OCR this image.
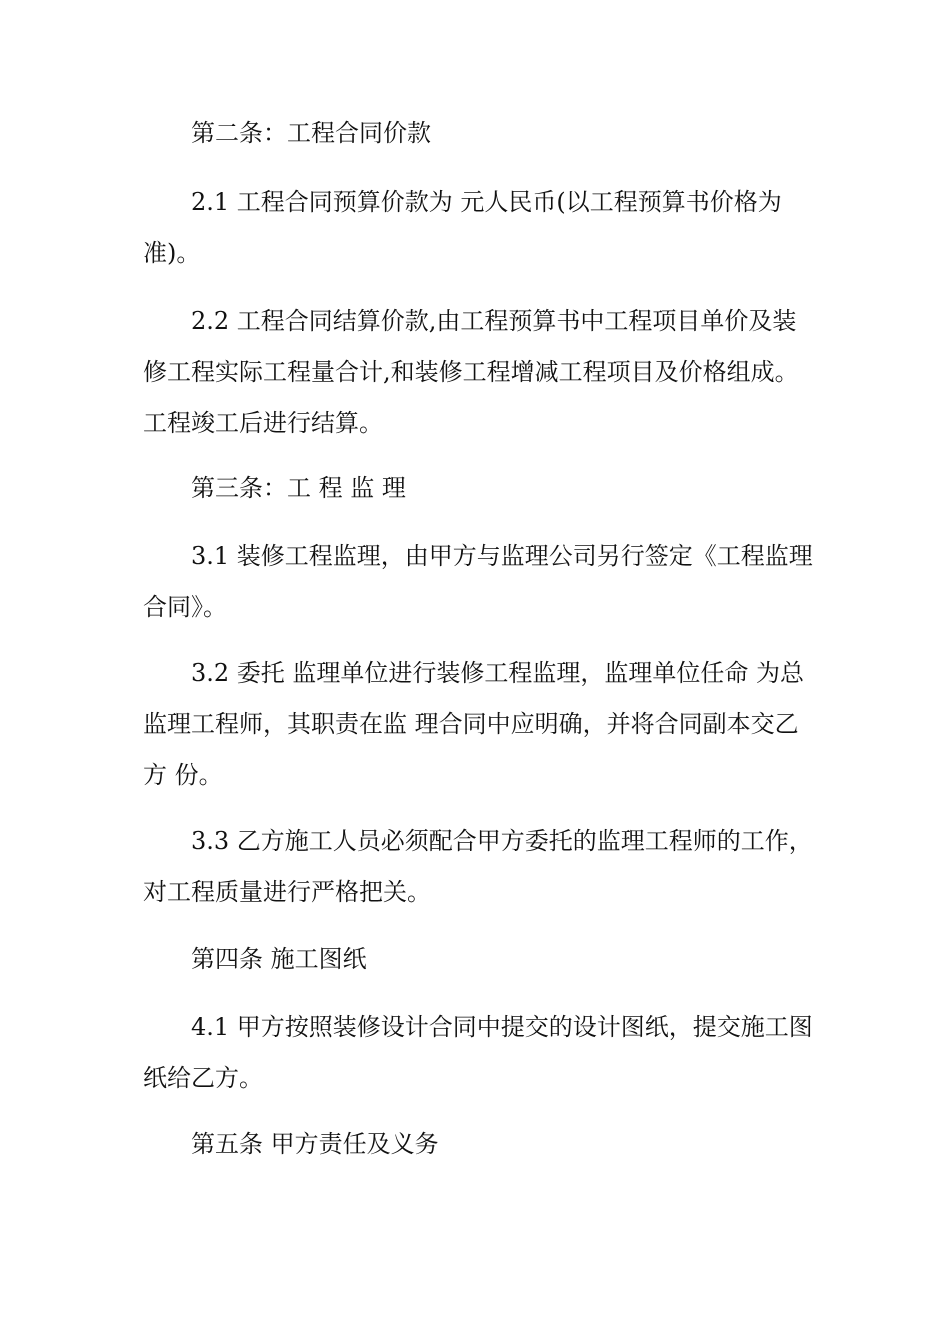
第二条：工程合同价款
2.1 工程合同预算价款为 元人民币(以工程预算书价格为
准)。
2.2 工程合同结算价款,由工程预算书中工程项目单价及装
修工程实际工程量合计,和装修工程增减工程项目及价格组成。
工程竣工后进行结算。
第三条：工 程 监 理
3.1 装修工程监理，由甲方与监理公司另行签定《工程监理
合同》。
3.2 委托 监理单位进行装修工程监理，监理单位任命 为总
监理工程师，其职责在监 理合同中应明确，并将合同副本交乙
方 份。
3.3 乙方施工人员必须配合甲方委托的监理工程师的工作，
对工程质量进行严格把关。
第四条 施工图纸
4.1 甲方按照装修设计合同中提交的设计图纸，提交施工图
纸给乙方。
第五条 甲方责任及义务
